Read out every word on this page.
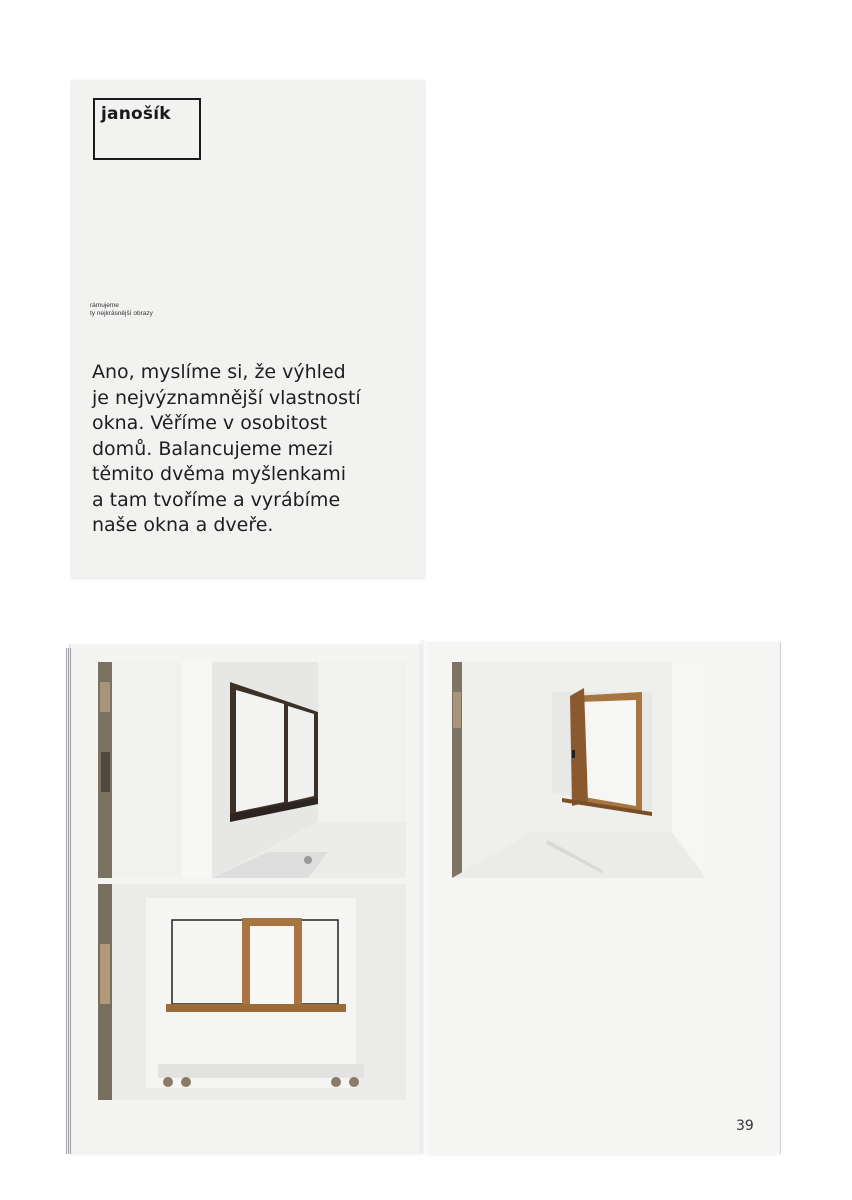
janošík
rámujeme
ty nejkrásnější obrazy
Ano, myslíme si, že výhled
je nejvýznamnější vlastností
okna. Věříme v osobitost
domů. Balancujeme mezi
těmito dvěma myšlenkami
a tam tvoříme a vyrábíme
naše okna a dveře.
39
